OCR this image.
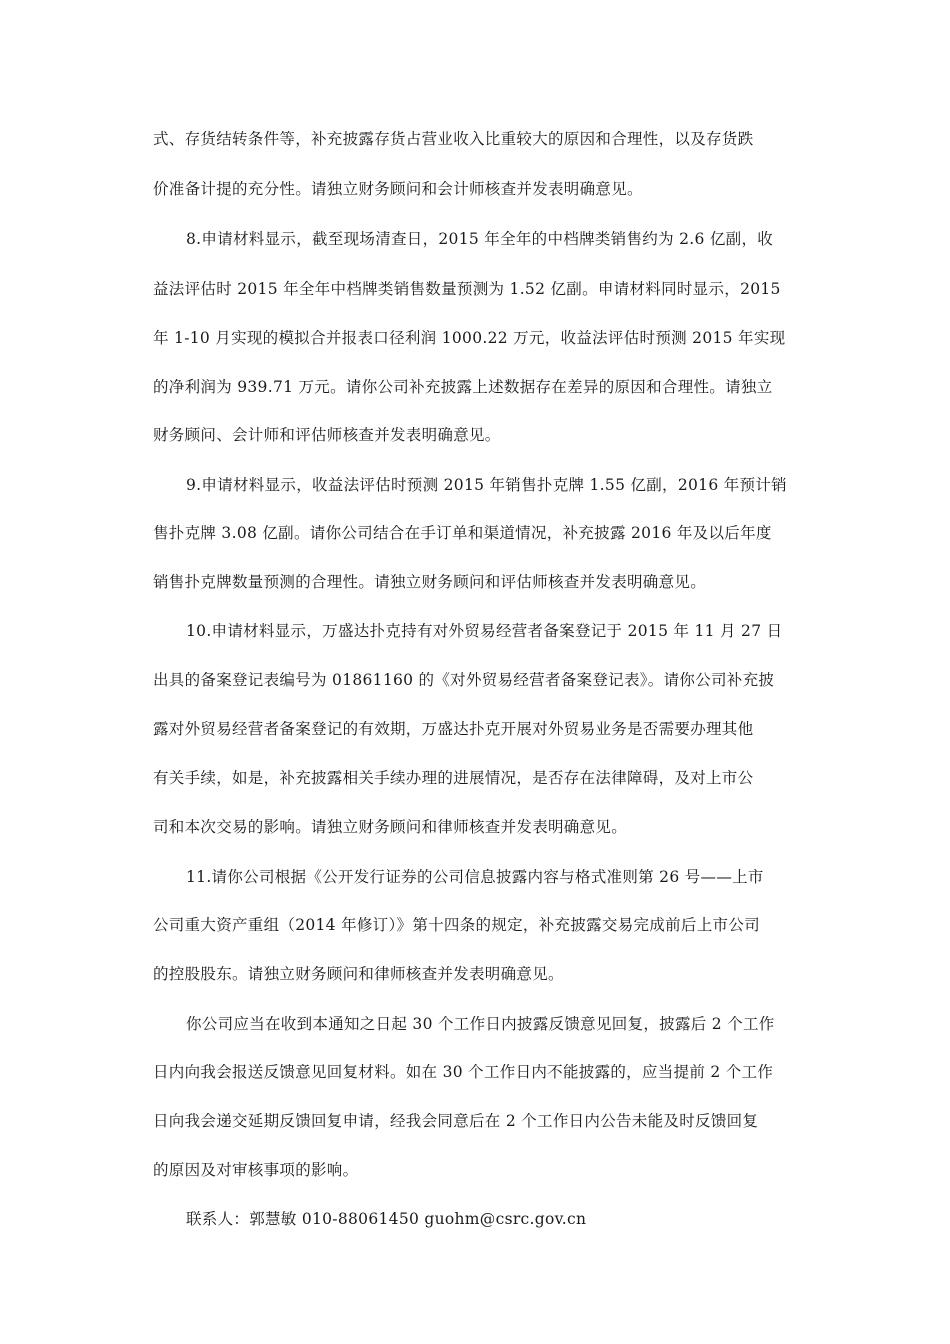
式、存货结转条件等，补充披露存货占营业收入比重较大的原因和合理性，以及存货跌
价准备计提的充分性。请独立财务顾问和会计师核查并发表明确意见。
8.申请材料显示，截至现场清查日，2015 年全年的中档牌类销售约为 2.6 亿副，收
益法评估时 2015 年全年中档牌类销售数量预测为 1.52 亿副。申请材料同时显示，2015
年 1-10 月实现的模拟合并报表口径利润 1000.22 万元，收益法评估时预测 2015 年实现
的净利润为 939.71 万元。请你公司补充披露上述数据存在差异的原因和合理性。请独立
财务顾问、会计师和评估师核查并发表明确意见。
9.申请材料显示，收益法评估时预测 2015 年销售扑克牌 1.55 亿副，2016 年预计销
售扑克牌 3.08 亿副。请你公司结合在手订单和渠道情况，补充披露 2016 年及以后年度
销售扑克牌数量预测的合理性。请独立财务顾问和评估师核查并发表明确意见。
10.申请材料显示，万盛达扑克持有对外贸易经营者备案登记于 2015 年 11 月 27 日
出具的备案登记表编号为 01861160 的《对外贸易经营者备案登记表》。请你公司补充披
露对外贸易经营者备案登记的有效期，万盛达扑克开展对外贸易业务是否需要办理其他
有关手续，如是，补充披露相关手续办理的进展情况，是否存在法律障碍，及对上市公
司和本次交易的影响。请独立财务顾问和律师核查并发表明确意见。
11.请你公司根据《公开发行证券的公司信息披露内容与格式准则第 26 号——上市
公司重大资产重组（2014 年修订）》第十四条的规定，补充披露交易完成前后上市公司
的控股股东。请独立财务顾问和律师核查并发表明确意见。
你公司应当在收到本通知之日起 30 个工作日内披露反馈意见回复，披露后 2 个工作
日内向我会报送反馈意见回复材料。如在 30 个工作日内不能披露的，应当提前 2 个工作
日向我会递交延期反馈回复申请，经我会同意后在 2 个工作日内公告未能及时反馈回复
的原因及对审核事项的影响。
联系人：郭慧敏 010-88061450 guohm@csrc.gov.cn
